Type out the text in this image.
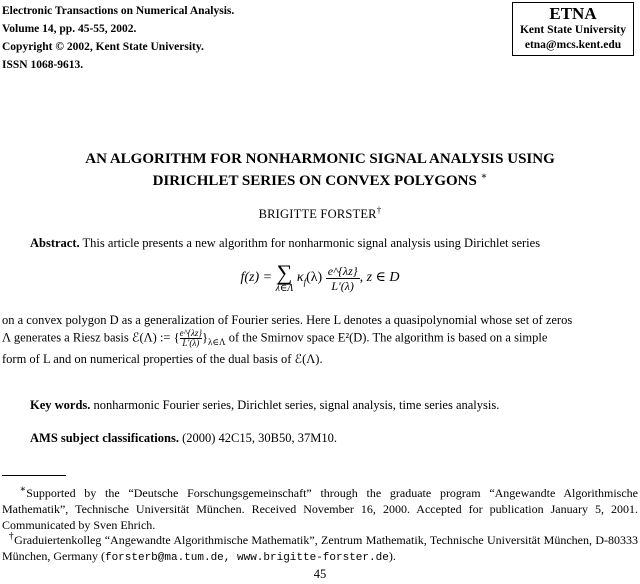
Electronic Transactions on Numerical Analysis.
Volume 14, pp. 45-55, 2002.
Copyright © 2002, Kent State University.
ISSN 1068-9613.
ETNA
Kent State University
etna@mcs.kent.edu
AN ALGORITHM FOR NONHARMONIC SIGNAL ANALYSIS USING
DIRICHLET SERIES ON CONVEX POLYGONS ∗
BRIGITTE FORSTER†
Abstract. This article presents a new algorithm for nonharmonic signal analysis using Dirichlet series
f(z) = ∑
λ∈Λ
$\kappa_f(\lambda) \frac{e\^{}\{\lambda z\}}{L'(\lambda)}$ , z ∈ D
on a convex polygon D as a generalization of Fourier series. Here L denotes a quasipolynomial whose set of zeros
Λ generates a Riesz basis ℰ(Λ) := { $\frac{e\^{}\{\lambda z\}}{L'(\lambda)}\}_{\lambda\in\Lambda}$ of the Smirnov space E²(D). The algorithm is based on a simple
form of L and on numerical properties of the dual basis of ℰ(Λ).
Key words. nonharmonic Fourier series, Dirichlet series, signal analysis, time series analysis.
AMS subject classifications. (2000) 42C15, 30B50, 37M10.
∗Supported by the “Deutsche Forschungsgemeinschaft” through the graduate program “Angewandte Algorithmische Mathematik”, Technische Universität München. Received November 16, 2000. Accepted for publication January 5, 2001. Communicated by Sven Ehrich.
†Graduiertenkolleg “Angewandte Algorithmische Mathematik”, Zentrum Mathematik, Technische Universität München, D-80333 München, Germany (forsterb@ma.tum.de, www.brigitte-forster.de).
45
